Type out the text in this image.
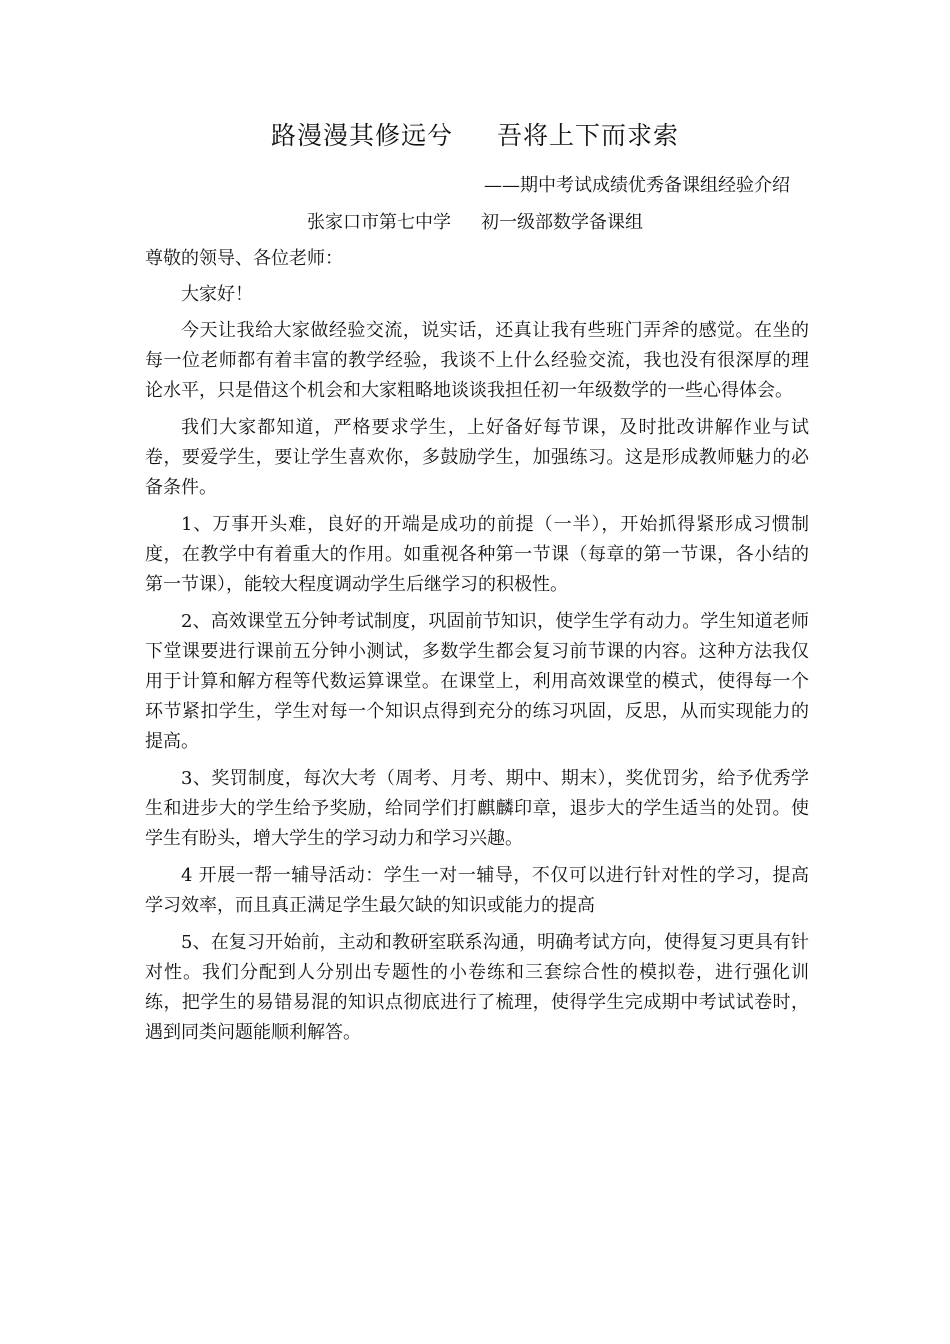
路漫漫其修远兮 吾将上下而求索
——期中考试成绩优秀备课组经验介绍
张家口市第七中学 初一级部数学备课组

尊敬的领导、各位老师：

大家好！

今天让我给大家做经验交流，说实话，还真让我有些班门弄斧的感觉。在坐的每一位老师都有着丰富的教学经验，我谈不上什么经验交流，我也没有很深厚的理论水平，只是借这个机会和大家粗略地谈谈我担任初一年级数学的一些心得体会。

我们大家都知道，严格要求学生，上好备好每节课，及时批改讲解作业与试卷，要爱学生，要让学生喜欢你，多鼓励学生，加强练习。这是形成教师魅力的必备条件。

1、万事开头难，良好的开端是成功的前提（一半），开始抓得紧形成习惯制度，在教学中有着重大的作用。如重视各种第一节课（每章的第一节课，各小结的第一节课），能较大程度调动学生后继学习的积极性。

2、高效课堂五分钟考试制度，巩固前节知识，使学生学有动力。学生知道老师下堂课要进行课前五分钟小测试，多数学生都会复习前节课的内容。这种方法我仅用于计算和解方程等代数运算课堂。在课堂上，利用高效课堂的模式，使得每一个环节紧扣学生，学生对每一个知识点得到充分的练习巩固，反思，从而实现能力的提高。

3、奖罚制度，每次大考（周考、月考、期中、期末），奖优罚劣，给予优秀学生和进步大的学生给予奖励，给同学们打麒麟印章，退步大的学生适当的处罚。使学生有盼头，增大学生的学习动力和学习兴趣。

4 开展一帮一辅导活动：学生一对一辅导，不仅可以进行针对性的学习，提高学习效率，而且真正满足学生最欠缺的知识或能力的提高

5、在复习开始前，主动和教研室联系沟通，明确考试方向，使得复习更具有针对性。我们分配到人分别出专题性的小卷练和三套综合性的模拟卷，进行强化训练，把学生的易错易混的知识点彻底进行了梳理，使得学生完成期中考试试卷时，遇到同类问题能顺利解答。
